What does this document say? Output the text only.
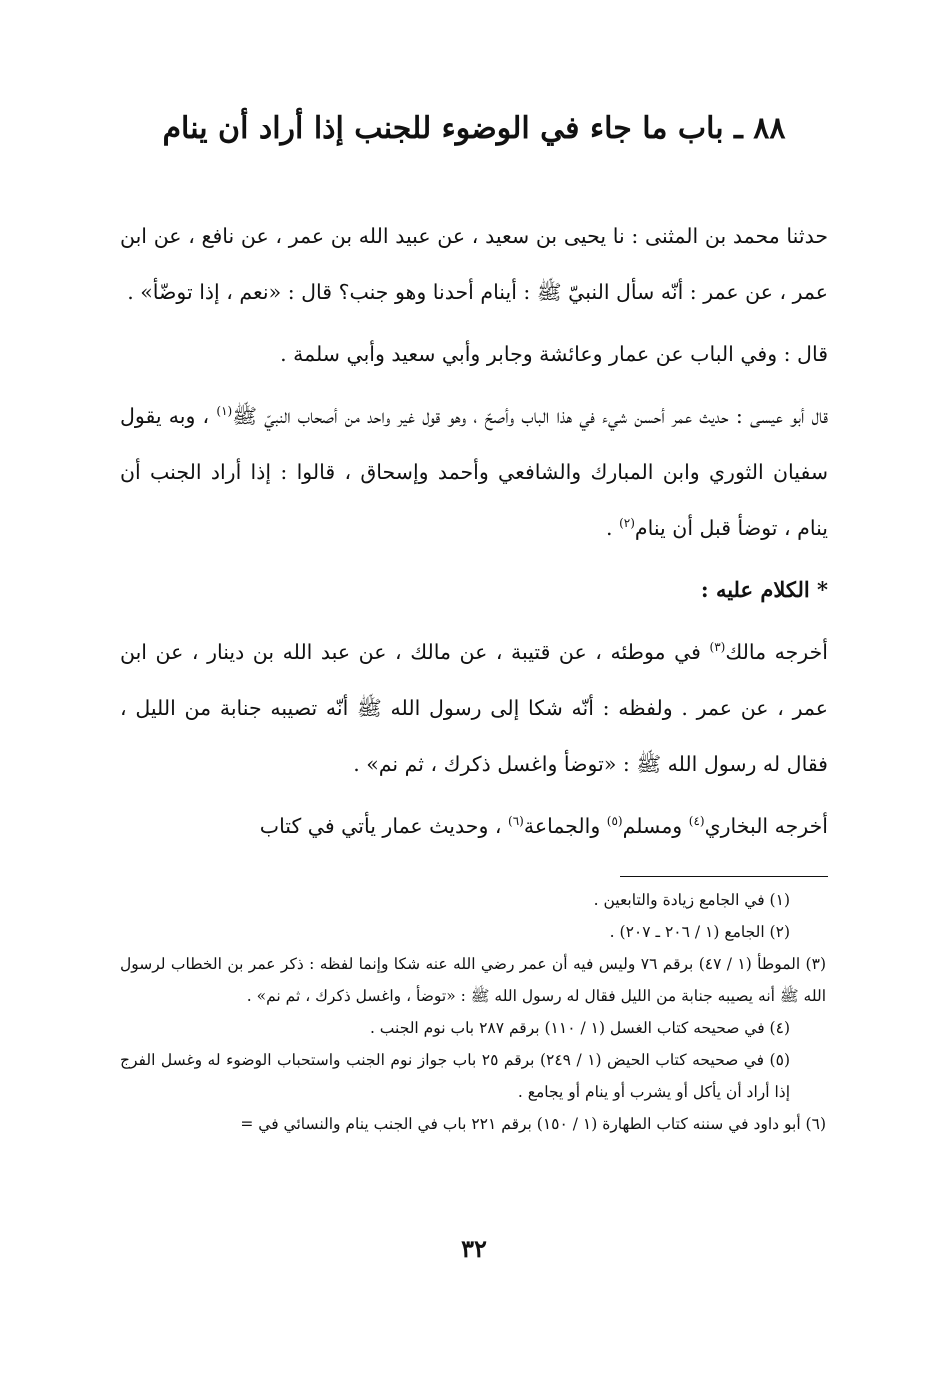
٨٨ ـ باب ما جاء في الوضوء للجنب إذا أراد أن ينام

حدثنا محمد بن المثنى : نا يحيى بن سعيد ، عن عبيد الله بن عمر ، عن نافع ، عن ابن عمر ، عن عمر : أنّه سأل النبيّ ﷺ : أينام أحدنا وهو جنب؟ قال : «نعم ، إذا توضّأ» .

قال : وفي الباب عن عمار وعائشة وجابر وأبي سعيد وأبي سلمة .

قال أبو عيسى : حديث عمر أحسن شيء في هذا الباب وأصحّ ، وهو قول غير واحد من أصحاب النبيّ ﷺ$^{(١)}$ ، وبه يقول سفيان الثوري وابن المبارك والشافعي وأحمد وإسحاق ، قالوا : إذا أراد الجنب أن ينام ، توضأ قبل أن ينام$^{(٢)}$ .

* الكلام عليه :

أخرجه مالك$^{(٣)}$ في موطئه ، عن قتيبة ، عن مالك ، عن عبد الله بن دينار ، عن ابن عمر ، عن عمر . ولفظه : أنّه شكا إلى رسول الله ﷺ أنّه تصيبه جنابة من الليل ، فقال له رسول الله ﷺ : «توضأ واغسل ذكرك ، ثم نم» .

أخرجه البخاري$^{(٤)}$ ومسلم$^{(٥)}$ والجماعة$^{(٦)}$ ، وحديث عمار يأتي في كتاب

(١) في الجامع زيادة والتابعين .

(٢) الجامع (١ / ٢٠٦ ـ ٢٠٧) .

(٣) الموطأ (١ / ٤٧) برقم ٧٦ وليس فيه أن عمر رضي الله عنه شكا وإنما لفظه : ذكر عمر بن الخطاب لرسول الله ﷺ أنه يصيبه جنابة من الليل فقال له رسول الله ﷺ : «توضأ ، واغسل ذكرك ، ثم نم» .

(٤) في صحيحه كتاب الغسل (١ / ١١٠) برقم ٢٨٧ باب نوم الجنب .

(٥) في صحيحه كتاب الحيض (١ / ٢٤٩) برقم ٢٥ باب جواز نوم الجنب واستحباب الوضوء له وغسل الفرج إذا أراد أن يأكل أو يشرب أو ينام أو يجامع .

(٦) أبو داود في سننه كتاب الطهارة (١ / ١٥٠) برقم ٢٢١ باب في الجنب ينام والنسائي في =

٣٢
